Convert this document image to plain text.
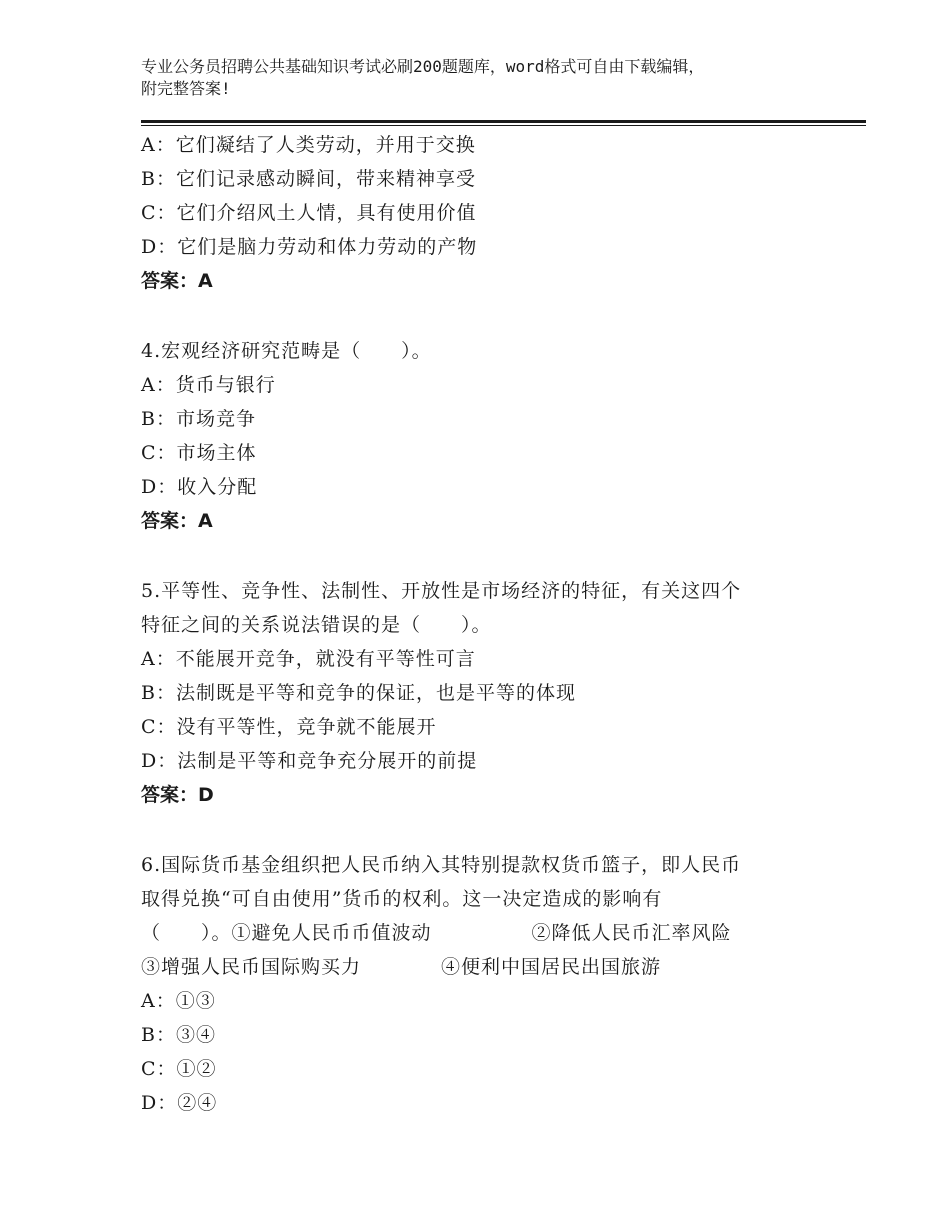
专业公务员招聘公共基础知识考试必刷200题题库，word格式可自由下载编辑，
附完整答案!
A：它们凝结了人类劳动，并用于交换
B：它们记录感动瞬间，带来精神享受
C：它们介绍风土人情，具有使用价值
D：它们是脑力劳动和体力劳动的产物
答案：A
4.宏观经济研究范畴是（　　）。
A：货币与银行
B：市场竞争
C：市场主体
D：收入分配
答案：A
5.平等性、竞争性、法制性、开放性是市场经济的特征，有关这四个
特征之间的关系说法错误的是（　　）。
A：不能展开竞争，就没有平等性可言
B：法制既是平等和竞争的保证，也是平等的体现
C：没有平等性，竞争就不能展开
D：法制是平等和竞争充分展开的前提
答案：D
6.国际货币基金组织把人民币纳入其特别提款权货币篮子，即人民币
取得兑换“可自由使用”货币的权利。这一决定造成的影响有
（　　）。①避免人民币币值波动　　　　　②降低人民币汇率风险
③增强人民币国际购买力　　　　④便利中国居民出国旅游
A：①③
B：③④
C：①②
D：②④
